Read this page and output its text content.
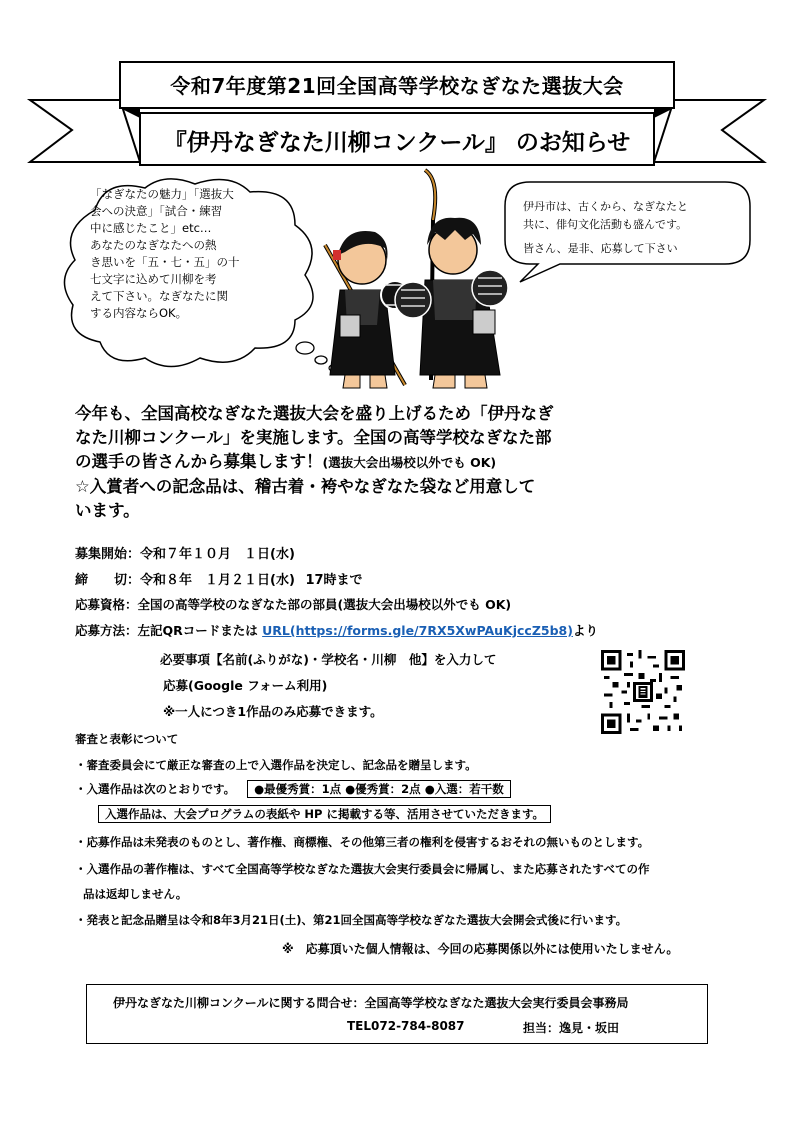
令和7年度第21回全国高等学校なぎなた選抜大会
『伊丹なぎなた川柳コンクール』 のお知らせ
「なぎなたの魅力」「選抜大
会への決意」「試合・練習
中に感じたこと」etc…
あなたのなぎなたへの熱
き思いを「五・七・五」の十
七文字に込めて川柳を考
えて下さい。なぎなたに関
する内容ならOK。
伊丹市は、古くから、なぎなたと
共に、俳句文化活動も盛んです。
皆さん、是非、応募して下さい
今年も、全国高校なぎなた選抜大会を盛り上げるため「伊丹なぎ
なた川柳コンクール」を実施します。全国の高等学校なぎなた部
の選手の皆さんから募集します！(選抜大会出場校以外でも OK)
☆入賞者への記念品は、稽古着・袴やなぎなた袋など用意して
います。
募集開始：令和７年１０月　１日(水)
締　　切：令和８年　１月２１日(水) 17時まで
応募資格：全国の高等学校のなぎなた部の部員(選抜大会出場校以外でも OK)
応募方法：左記QRコードまたは URL(https://forms.gle/7RX5XwPAuKjccZ5b8)より
必要事項【名前(ふりがな)・学校名・川柳　他】を入力して
応募(Google フォーム利用)
※一人につき1作品のみ応募できます。
審査と表彰について
・審査委員会にて厳正な審査の上で入選作品を決定し、記念品を贈呈します。
・入選作品は次のとおりです。 ●最優秀賞：1点 ●優秀賞：2点 ●入選：若干数
入選作品は、大会プログラムの表紙や HP に掲載する等、活用させていただきます。
・応募作品は未発表のものとし、著作権、商標権、その他第三者の権利を侵害するおそれの無いものとします。
・入選作品の著作権は、すべて全国高等学校なぎなた選抜大会実行委員会に帰属し、また応募されたすべての作
品は返却しません。
・発表と記念品贈呈は令和8年3月21日(土)、第21回全国高等学校なぎなた選抜大会開会式後に行います。
※　応募頂いた個人情報は、今回の応募関係以外には使用いたしません。
伊丹なぎなた川柳コンクールに関する問合せ：全国高等学校なぎなた選抜大会実行委員会事務局
TEL072-784-8087	担当：逸見・坂田
